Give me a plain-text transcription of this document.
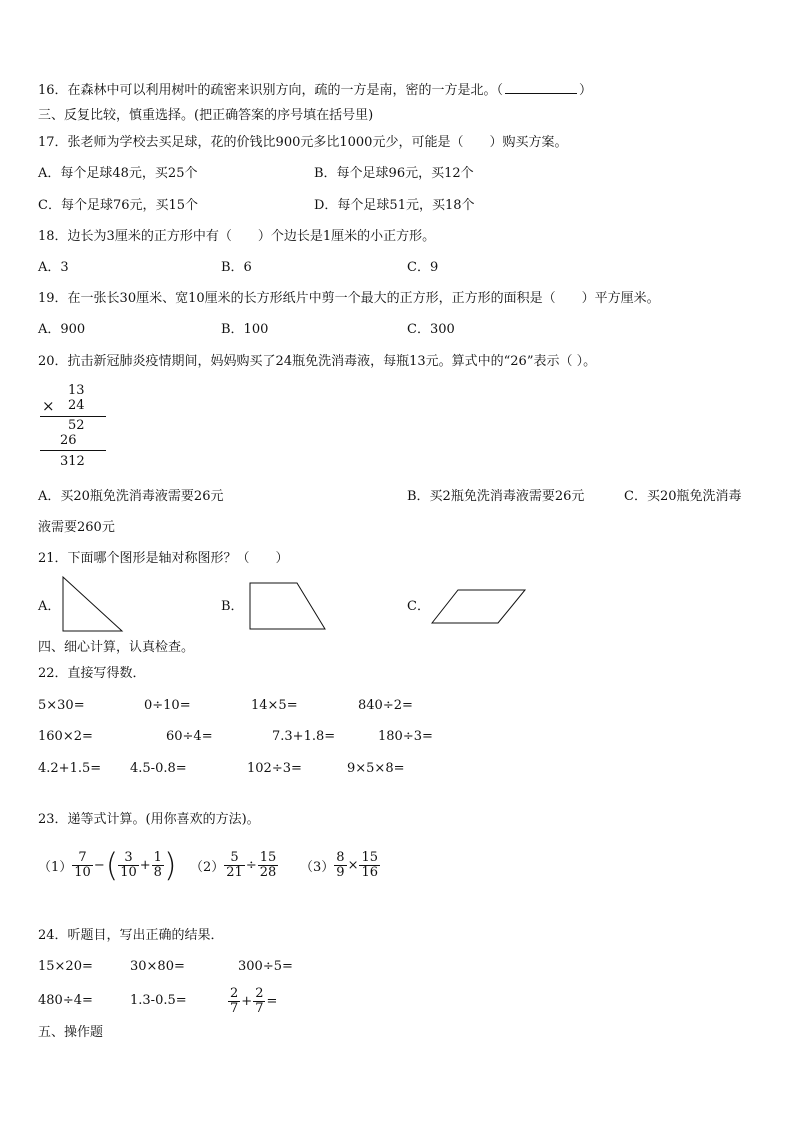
16．在森林中可以利用树叶的疏密来识别方向，疏的一方是南，密的一方是北。（	）
三、反复比较，慎重选择。(把正确答案的序号填在括号里)
17．张老师为学校去买足球，花的价钱比900元多比1000元少，可能是（　　）购买方案。
A．每个足球48元，买25个	B．每个足球96元，买12个
C．每个足球76元，买15个	D．每个足球51元，买18个
18．边长为3厘米的正方形中有（　　）个边长是1厘米的小正方形。
A．3	B．6	C．9
19．在一张长30厘米、宽10厘米的长方形纸片中剪一个最大的正方形，正方形的面积是（　　）平方厘米。
A．900	B．100	C．300
20．抗击新冠肺炎疫情期间，妈妈购买了24瓶免洗消毒液，每瓶13元。算式中的“26”表示（ ）。
13
× 24
52
26
312
A．买20瓶免洗消毒液需要26元	B．买2瓶免洗消毒液需要26元	C．买20瓶免洗消毒
液需要260元
21．下面哪个图形是轴对称图形？（　　）
A．	B．	C．
四、细心计算，认真检查。
22．直接写得数．
5×30=	0÷10=	14×5=	840÷2=
160×2=	60÷4=	7.3+1.8=	180÷3=
4.2+1.5= 4.5-0.8=	102÷3=	9×5×8=
23．递等式计算。(用你喜欢的方法)。
$(1) \frac{7}{10}$ − ( $\frac{3}{10} + \frac{1}{8}$ ) $(2) \frac{5}{21} \div \frac{15}{28} (3) \frac{8}{9} \times \frac{15}{16}$
24．听题目，写出正确的结果．
15×20=	30×80=	300÷5=
480÷4=	1.3-0.5=	$\frac{2}{7} + \frac{2}{7}$ =
五、操作题
